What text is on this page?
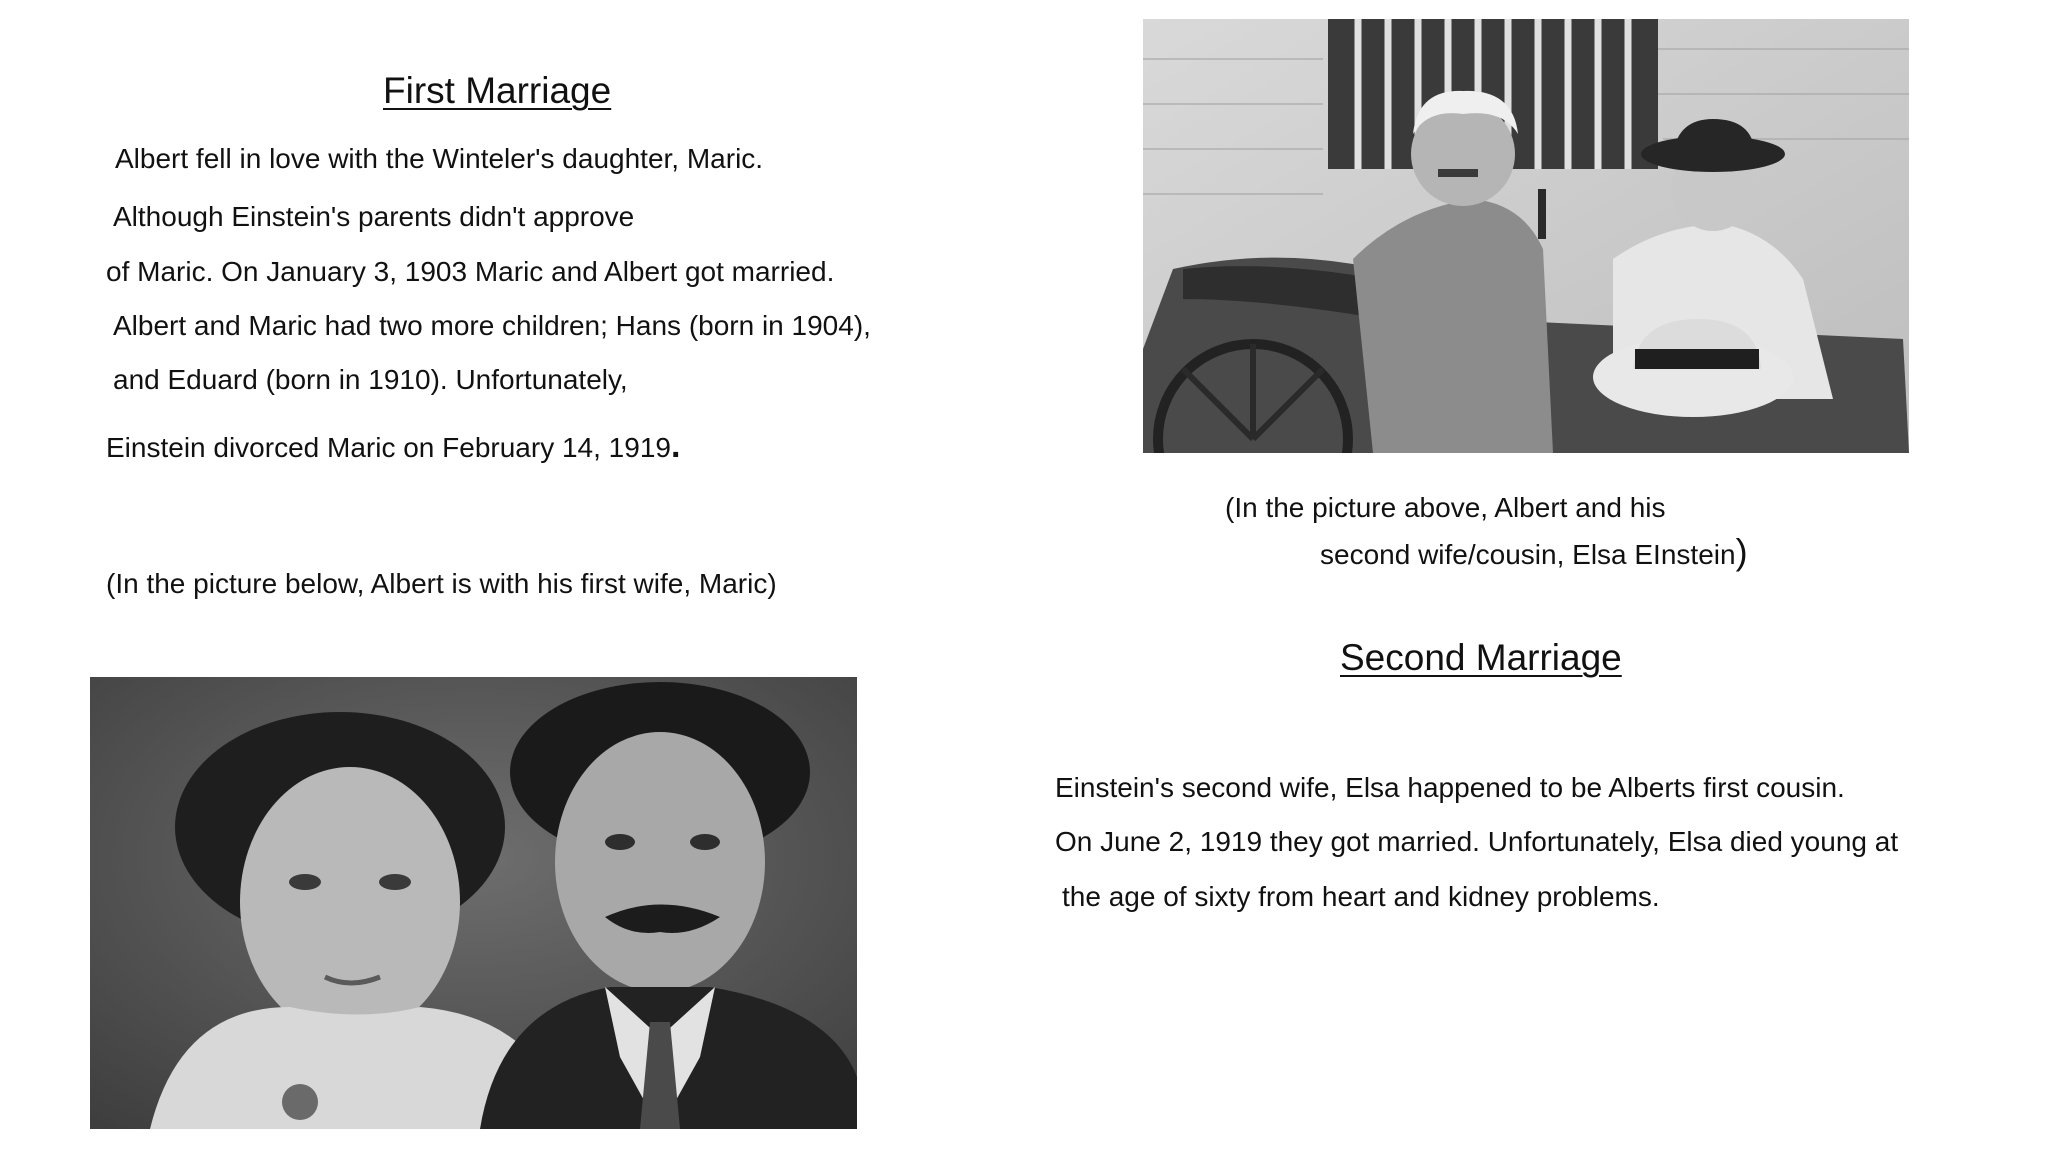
First Marriage
Albert fell in love with the Winteler's daughter, Maric.
Although Einstein's parents didn't approve
of Maric. On January 3, 1903 Maric and Albert got married.
Albert and Maric had two more children; Hans (born in 1904),
and Eduard (born in 1910). Unfortunately,
Einstein divorced Maric on February 14, 1919.
(In the picture below, Albert is with his first wife, Maric)
(In the picture above, Albert and his
second wife/cousin, Elsa EInstein)
Second Marriage
Einstein's second wife, Elsa happened to be Alberts first cousin.
On June 2, 1919 they got married. Unfortunately, Elsa died young at
the age of sixty from heart and kidney problems.
